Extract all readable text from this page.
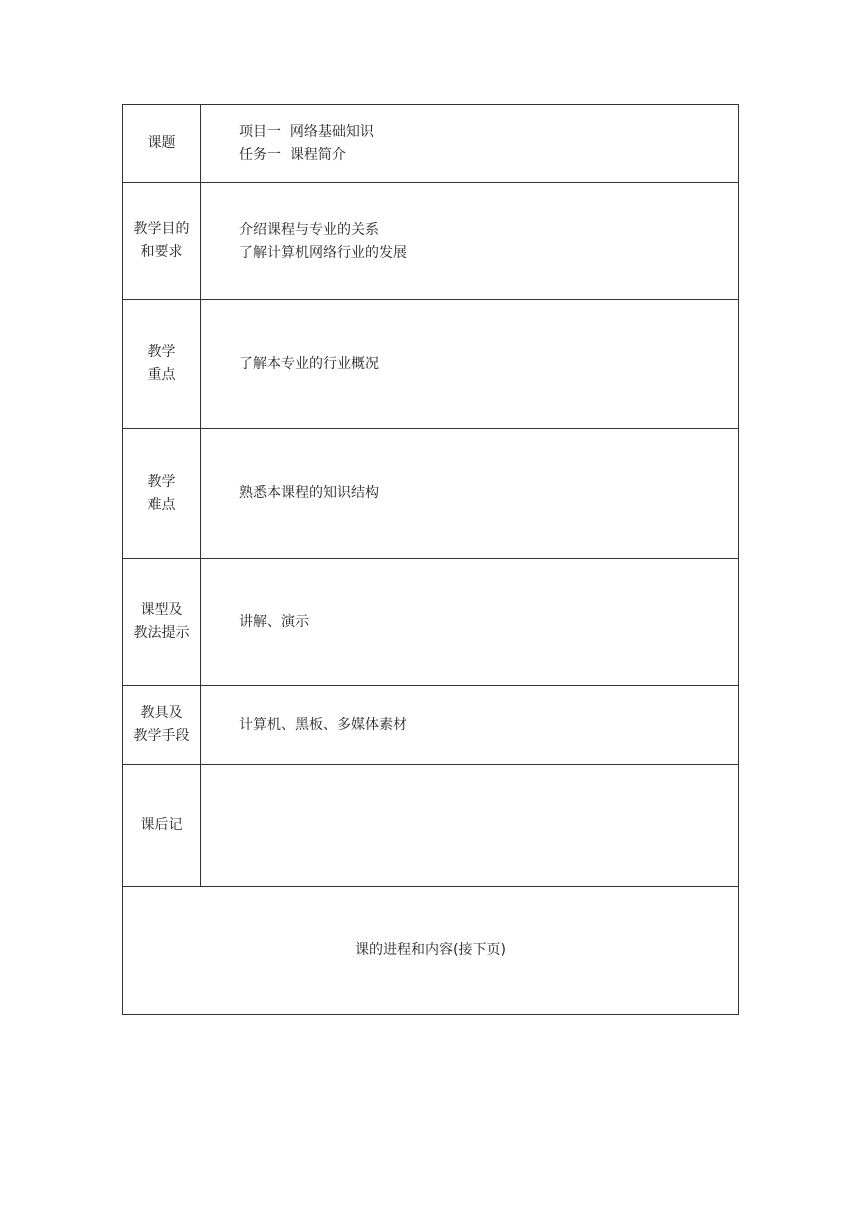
课题	项目一  网络基础知识
任务一  课程简介

教学目的
和要求	介绍课程与专业的关系
了解计算机网络行业的发展

教学
重点	了解本专业的行业概况

教学
难点	熟悉本课程的知识结构

课型及
教法提示	讲解、演示

教具及
教学手段	计算机、黑板、多媒体素材

课后记	

课的进程和内容(接下页)	
